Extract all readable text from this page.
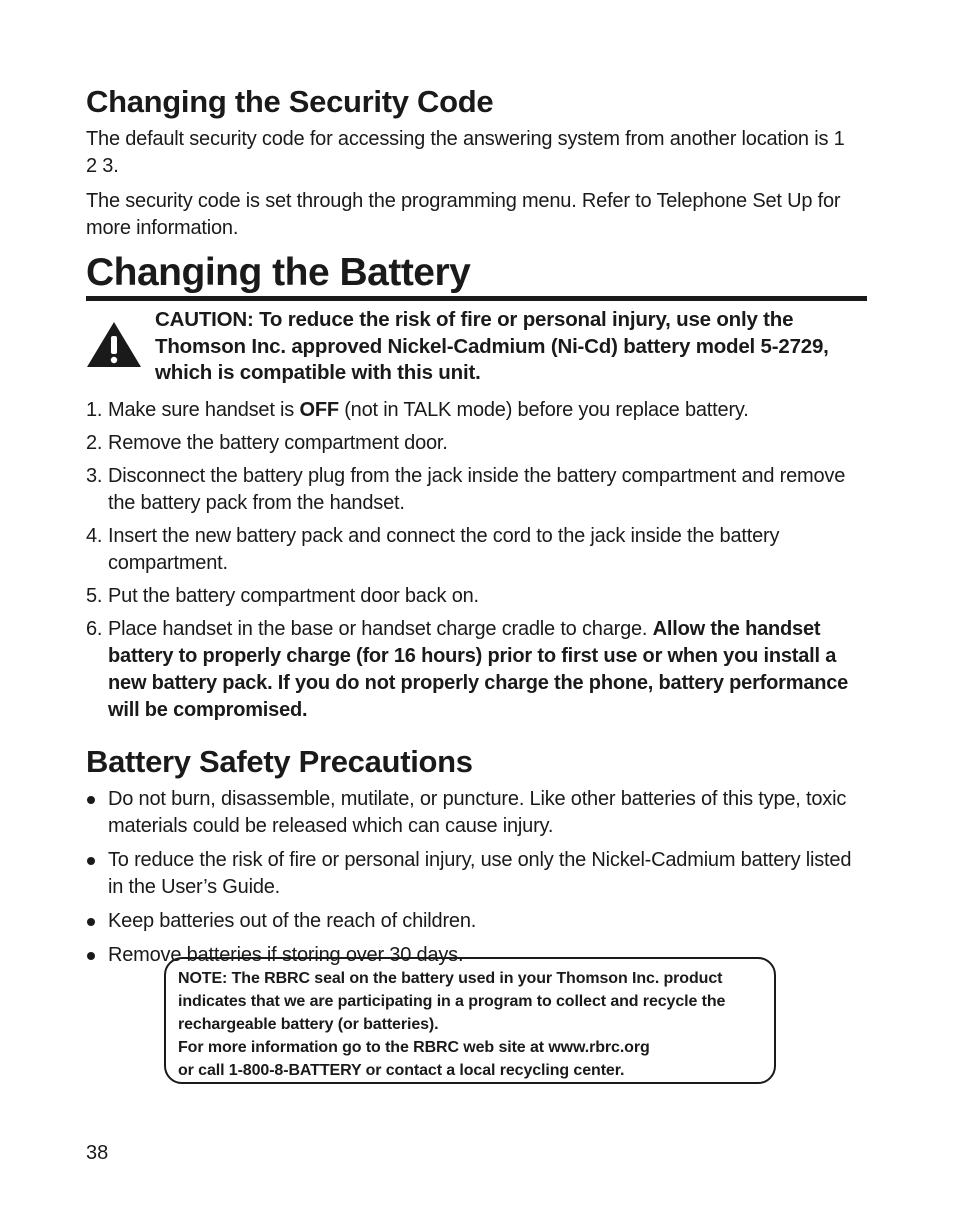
Changing the Security Code

The default security code for accessing the answering system from another location is 1 2 3.

The security code is set through the programming menu. Refer to Telephone Set Up for more information.

Changing the Battery
CAUTION: To reduce the risk of fire or personal injury, use only the Thomson Inc. approved Nickel-Cadmium (Ni-Cd) battery model 5-2729, which is compatible with this unit.
1. Make sure handset is OFF (not in TALK mode) before you replace battery.
2. Remove the battery compartment door.
3. Disconnect the battery plug from the jack inside the battery compartment and remove the battery pack from the handset.
4. Insert the new battery pack and connect the cord to the jack inside the battery compartment.
5. Put the battery compartment door back on.
6. Place handset in the base or handset charge cradle to charge. Allow the handset battery to properly charge (for 16 hours) prior to first use or when you install a new battery pack. If you do not properly charge the phone, battery performance will be compromised.
Battery Safety Precautions
Do not burn, disassemble, mutilate, or puncture. Like other batteries of this type, toxic materials could be released which can cause injury.
To reduce the risk of fire or personal injury, use only the Nickel-Cadmium battery listed in the User’s Guide.
Keep batteries out of the reach of children.
Remove batteries if storing over 30 days.
NOTE: The RBRC seal on the battery used in your Thomson Inc. product
indicates that we are participating in a program to collect and recycle the
rechargeable battery (or batteries).
For more information go to the RBRC web site at www.rbrc.org
or call 1-800-8-BATTERY or contact a local recycling center.
38
